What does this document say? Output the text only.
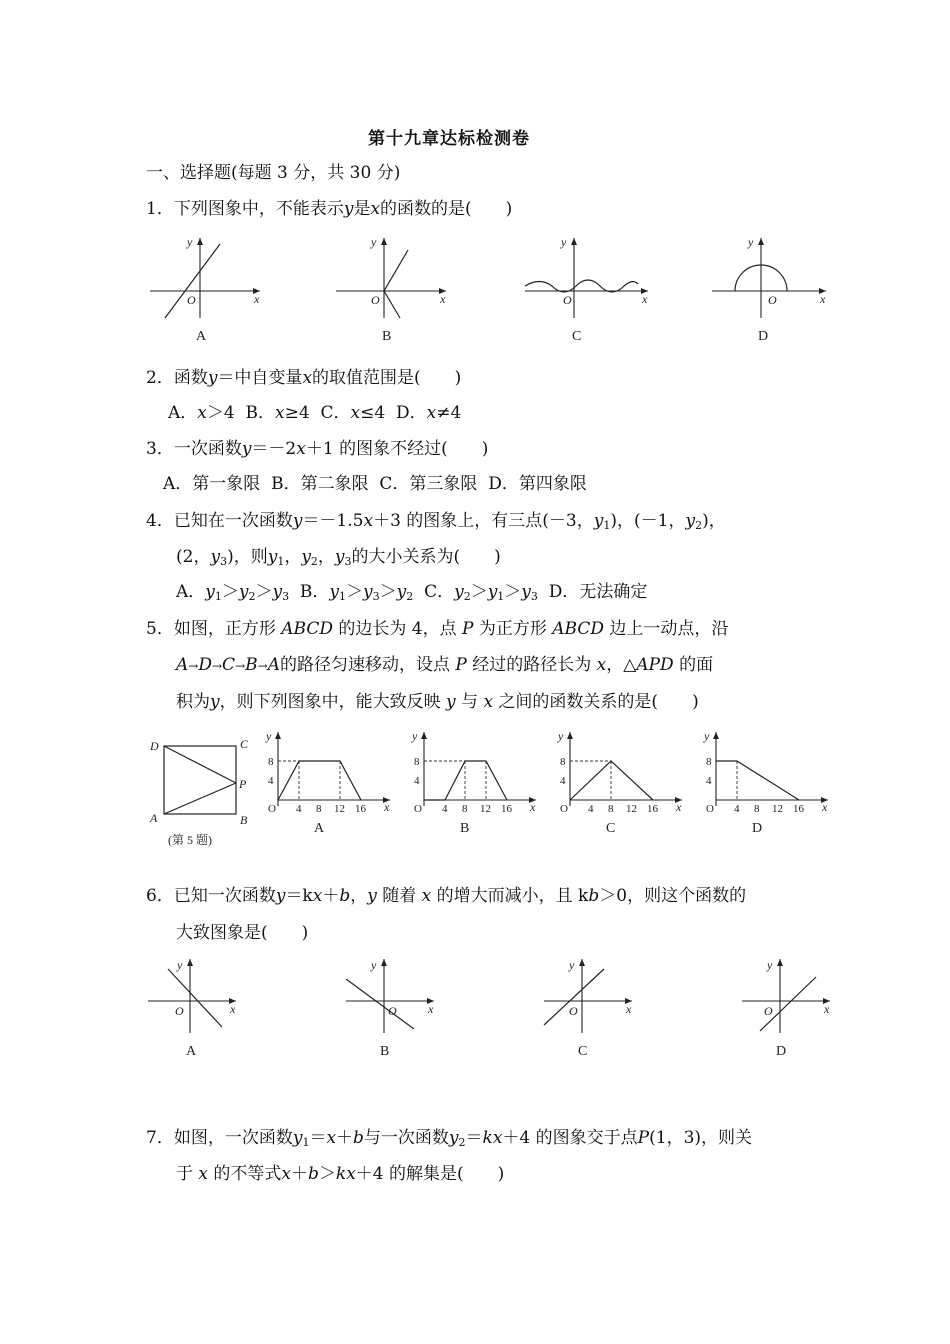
第十九章达标检测卷
一、选择题(每题 3 分，共 30 分)
1．下列图象中，不能表示y是x的函数的是(　　)
x
y
O
A
x
y
O
B
x
y
O
C
x
y
O
D
2．函数y＝中自变量x的取值范围是(　　)
A．x＞4 B．x≥4 C．x≤4 D．x≠4
3．一次函数y＝－2x＋1 的图象不经过(　　)
A．第一象限  B．第二象限  C．第三象限  D．第四象限
4．已知在一次函数y＝－1.5x＋3 的图象上，有三点(－3，$y_1$)，(－1，$y_2$)，
(2，$y_3$)，则$y_1$，$y_2$，$y_3$的大小关系为(　　)
A．$y_1>y_2>y_3$ B．$y_1>y_3>y_2$ C．$y_2>y_1>y_3$ D．无法确定
5．如图，正方形 ABCD 的边长为 4，点 P 为正方形 ABCD 边上一动点，沿
A→D→C→B→A的路径匀速移动，设点 P 经过的路径长为 x，△APD 的面
积为y，则下列图象中，能大致反映 y 与 x 之间的函数关系的是(　　)
D	C
A	B
P
(第 5 题)
y
x
O
8
4
4 8 12 16
A
y
x
O
8
4
4 8 12 16
B
y
x
O
8
4
4 8 12 16
C
y
x
O
8
4
4 8 12 16
D
6．已知一次函数y＝kx＋b，y 随着 x 的增大而减小，且 kb＞0，则这个函数的
大致图象是(　　)
x
y
O
A
x
y
O
B
x
y
O
C
x
y
O
D
7．如图，一次函数$y_1=x+b$与一次函数$y_2=kx+4$ 的图象交于点P(1，3)，则关
于 x 的不等式x＋b＞kx＋4 的解集是(　　)
